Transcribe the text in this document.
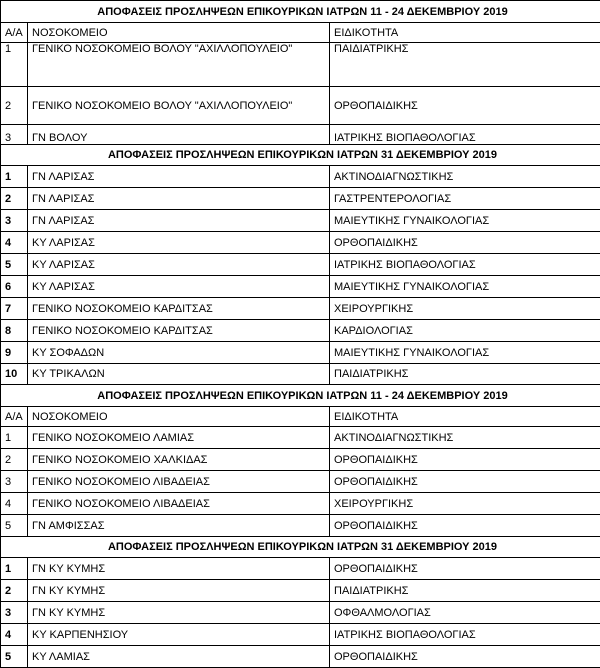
ΑΠΟΦΑΣΕΙΣ ΠΡΟΣΛΗΨΕΩΝ ΕΠΙΚΟΥΡΙΚΩΝ ΙΑΤΡΩΝ 11 - 24 ΔΕΚΕΜΒΡΙΟΥ 2019		
Α/Α	ΝΟΣΟΚΟΜΕΙΟ	ΕΙΔΙΚΟΤΗΤΑ
1	ΓΕΝΙΚΟ ΝΟΣΟΚΟΜΕΙΟ ΒΟΛΟΥ "ΑΧΙΛΛΟΠΟΥΛΕΙΟ"	ΠΑΙΔΙΑΤΡΙΚΗΣ
2	ΓΕΝΙΚΟ ΝΟΣΟΚΟΜΕΙΟ ΒΟΛΟΥ "ΑΧΙΛΛΟΠΟΥΛΕΙΟ"	ΟΡΘΟΠΑΙΔΙΚΗΣ
3	ΓΝ ΒΟΛΟΥ	ΙΑΤΡΙΚΗΣ ΒΙΟΠΑΘΟΛΟΓΙΑΣ
ΑΠΟΦΑΣΕΙΣ ΠΡΟΣΛΗΨΕΩΝ ΕΠΙΚΟΥΡΙΚΩΝ ΙΑΤΡΩΝ 31 ΔΕΚΕΜΒΡΙΟΥ 2019		
1	ΓΝ ΛΑΡΙΣΑΣ	ΑΚΤΙΝΟΔΙΑΓΝΩΣΤΙΚΗΣ
2	ΓΝ ΛΑΡΙΣΑΣ	ΓΑΣΤΡΕΝΤΕΡΟΛΟΓΙΑΣ
3	ΓΝ ΛΑΡΙΣΑΣ	ΜΑΙΕΥΤΙΚΗΣ ΓΥΝΑΙΚΟΛΟΓΙΑΣ
4	ΚΥ ΛΑΡΙΣΑΣ	ΟΡΘΟΠΑΙΔΙΚΗΣ
5	ΚΥ ΛΑΡΙΣΑΣ	ΙΑΤΡΙΚΗΣ ΒΙΟΠΑΘΟΛΟΓΙΑΣ
6	ΚΥ ΛΑΡΙΣΑΣ	ΜΑΙΕΥΤΙΚΗΣ ΓΥΝΑΙΚΟΛΟΓΙΑΣ
7	ΓΕΝΙΚΟ ΝΟΣΟΚΟΜΕΙΟ ΚΑΡΔΙΤΣΑΣ	ΧΕΙΡΟΥΡΓΙΚΗΣ
8	ΓΕΝΙΚΟ ΝΟΣΟΚΟΜΕΙΟ ΚΑΡΔΙΤΣΑΣ	ΚΑΡΔΙΟΛΟΓΙΑΣ
9	ΚΥ ΣΟΦΑΔΩΝ	ΜΑΙΕΥΤΙΚΗΣ ΓΥΝΑΙΚΟΛΟΓΙΑΣ
10	ΚΥ ΤΡΙΚΑΛΩΝ	ΠΑΙΔΙΑΤΡΙΚΗΣ
ΑΠΟΦΑΣΕΙΣ ΠΡΟΣΛΗΨΕΩΝ ΕΠΙΚΟΥΡΙΚΩΝ ΙΑΤΡΩΝ 11 - 24 ΔΕΚΕΜΒΡΙΟΥ 2019		
Α/Α	ΝΟΣΟΚΟΜΕΙΟ	ΕΙΔΙΚΟΤΗΤΑ
1	ΓΕΝΙΚΟ ΝΟΣΟΚΟΜΕΙΟ ΛΑΜΙΑΣ	ΑΚΤΙΝΟΔΙΑΓΝΩΣΤΙΚΗΣ
2	ΓΕΝΙΚΟ ΝΟΣΟΚΟΜΕΙΟ ΧΑΛΚΙΔΑΣ	ΟΡΘΟΠΑΙΔΙΚΗΣ
3	ΓΕΝΙΚΟ ΝΟΣΟΚΟΜΕΙΟ ΛΙΒΑΔΕΙΑΣ	ΟΡΘΟΠΑΙΔΙΚΗΣ
4	ΓΕΝΙΚΟ ΝΟΣΟΚΟΜΕΙΟ ΛΙΒΑΔΕΙΑΣ	ΧΕΙΡΟΥΡΓΙΚΗΣ
5	ΓΝ ΑΜΦΙΣΣΑΣ	ΟΡΘΟΠΑΙΔΙΚΗΣ
ΑΠΟΦΑΣΕΙΣ ΠΡΟΣΛΗΨΕΩΝ ΕΠΙΚΟΥΡΙΚΩΝ ΙΑΤΡΩΝ 31 ΔΕΚΕΜΒΡΙΟΥ 2019		
1	ΓΝ ΚΥ ΚΥΜΗΣ	ΟΡΘΟΠΑΙΔΙΚΗΣ
2	ΓΝ ΚΥ ΚΥΜΗΣ	ΠΑΙΔΙΑΤΡΙΚΗΣ
3	ΓΝ ΚΥ ΚΥΜΗΣ	ΟΦΘΑΛΜΟΛΟΓΙΑΣ
4	ΚΥ ΚΑΡΠΕΝΗΣΙΟΥ	ΙΑΤΡΙΚΗΣ ΒΙΟΠΑΘΟΛΟΓΙΑΣ
5	ΚΥ ΛΑΜΙΑΣ	ΟΡΘΟΠΑΙΔΙΚΗΣ
